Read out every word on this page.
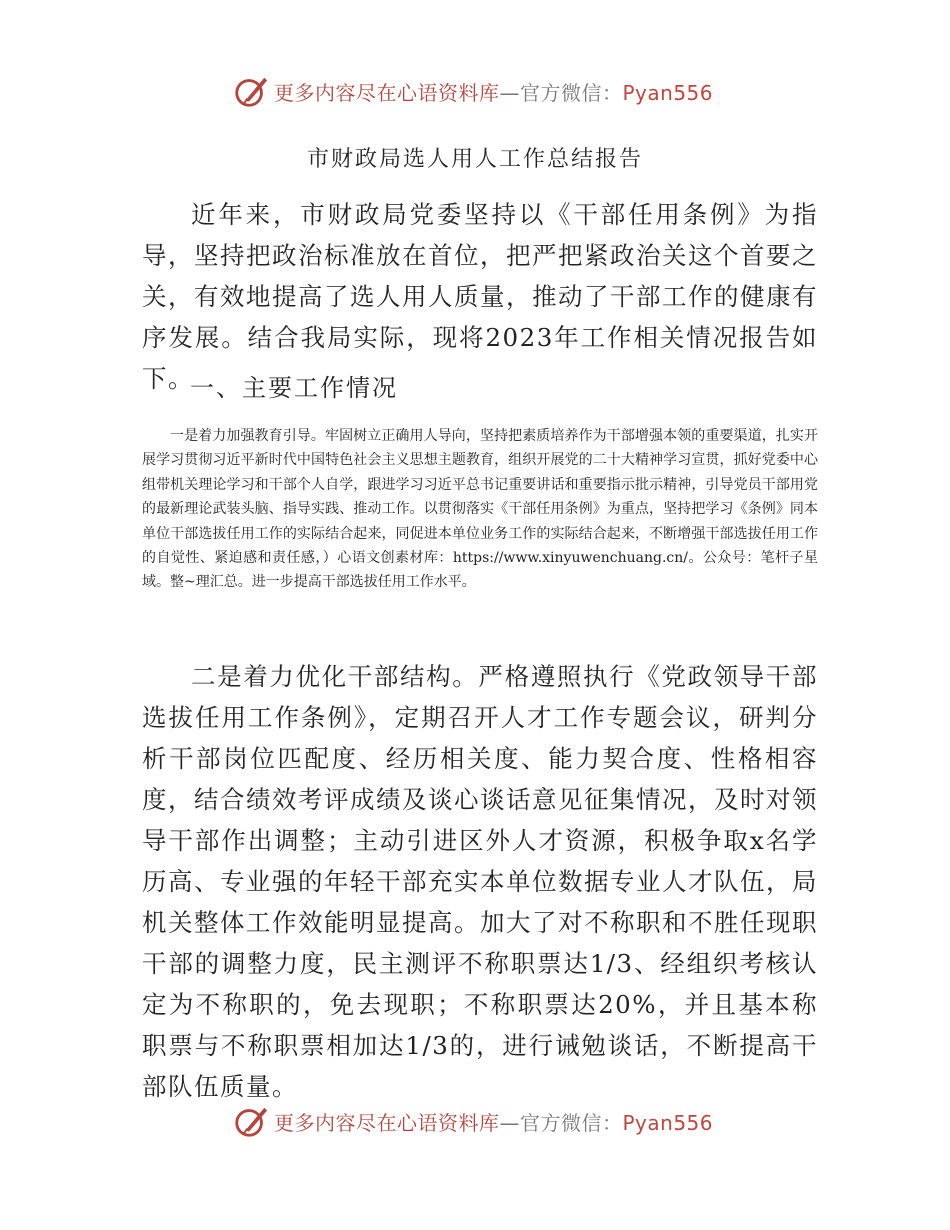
更多内容尽在心语资料库—官方微信：Pyan556
市财政局选人用人工作总结报告

近年来，市财政局党委坚持以《干部任用条例》为指导，坚持把政治标准放在首位，把严把紧政治关这个首要之关，有效地提高了选人用人质量，推动了干部工作的健康有序发展。结合我局实际，现将2023年工作相关情况报告如下。

一、主要工作情况

一是着力加强教育引导。牢固树立正确用人导向，坚持把素质培养作为干部增强本领的重要渠道，扎实开展学习贯彻习近平新时代中国特色社会主义思想主题教育，组织开展党的二十大精神学习宣贯，抓好党委中心组带机关理论学习和干部个人自学，跟进学习习近平总书记重要讲话和重要指示批示精神，引导党员干部用党的最新理论武装头脑、指导实践、推动工作。以贯彻落实《干部任用条例》为重点，坚持把学习《条例》同本单位干部选拔任用工作的实际结合起来，同促进本单位业务工作的实际结合起来，不断增强干部选拔任用工作的自觉性、紧迫感和责任感，）心语文创素材库：https://www.xinyuwenchuang.cn/。公众号：笔杆子星域。整~理汇总。进一步提高干部选拔任用工作水平。

二是着力优化干部结构。严格遵照执行《党政领导干部选拔任用工作条例》，定期召开人才工作专题会议，研判分析干部岗位匹配度、经历相关度、能力契合度、性格相容度，结合绩效考评成绩及谈心谈话意见征集情况，及时对领导干部作出调整；主动引进区外人才资源，积极争取x名学历高、专业强的年轻干部充实本单位数据专业人才队伍，局机关整体工作效能明显提高。加大了对不称职和不胜任现职干部的调整力度，民主测评不称职票达1/3、经组织考核认定为不称职的，免去现职；不称职票达20%，并且基本称职票与不称职票相加达1/3的，进行诫勉谈话，不断提高干部队伍质量。

更多内容尽在心语资料库—官方微信：Pyan556
